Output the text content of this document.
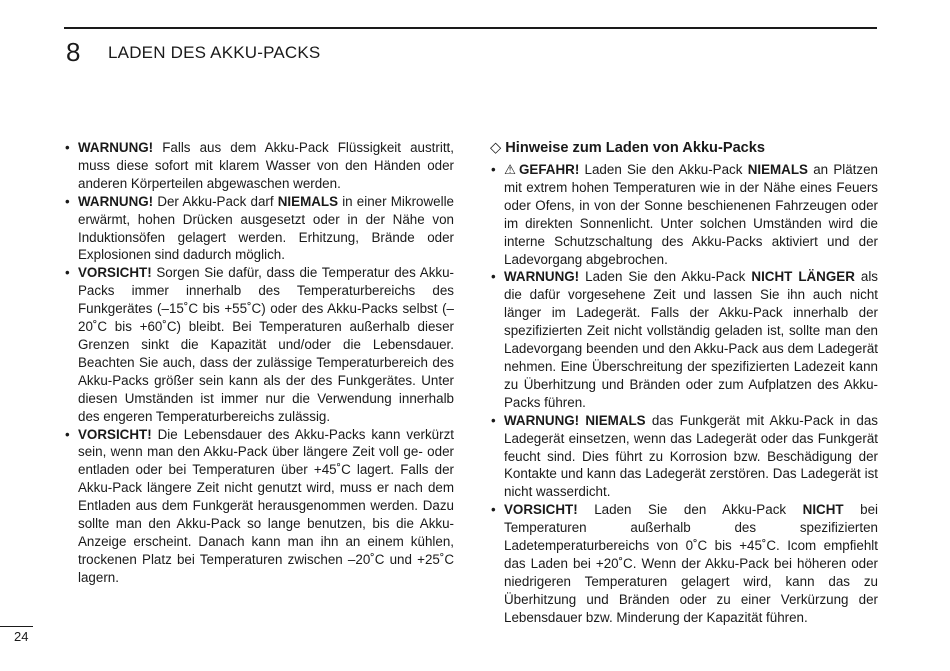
8 LADEN DES AKKU-PACKS
• WARNUNG! Falls aus dem Akku-Pack Flüssigkeit austritt, muss diese sofort mit klarem Wasser von den Händen oder anderen Körperteilen abgewaschen werden.
• WARNUNG! Der Akku-Pack darf NIEMALS in einer Mikrowelle erwärmt, hohen Drücken ausgesetzt oder in der Nähe von Induktionsöfen gelagert werden. Erhitzung, Brände oder Explosionen sind dadurch möglich.
• VORSICHT! Sorgen Sie dafür, dass die Temperatur des Akku-Packs immer innerhalb des Temperaturbereichs des Funkgerätes (–15˚C bis +55˚C) oder des Akku-Packs selbst (–20˚C bis +60˚C) bleibt. Bei Temperaturen außerhalb dieser Grenzen sinkt die Kapazität und/oder die Lebensdauer. Beachten Sie auch, dass der zulässige Temperaturbereich des Akku-Packs größer sein kann als der des Funkgerätes. Unter diesen Umständen ist immer nur die Verwendung innerhalb des engeren Temperaturbereichs zulässig.
• VORSICHT! Die Lebensdauer des Akku-Packs kann verkürzt sein, wenn man den Akku-Pack über längere Zeit voll ge- oder entladen oder bei Temperaturen über +45˚C lagert. Falls der Akku-Pack längere Zeit nicht genutzt wird, muss er nach dem Entladen aus dem Funkgerät herausgenommen werden. Dazu sollte man den Akku-Pack so lange benutzen, bis die Akku-Anzeige erscheint. Danach kann man ihn an einem kühlen, trockenen Platz bei Temperaturen zwischen –20˚C und +25˚C lagern.
◇ Hinweise zum Laden von Akku-Packs
• ⚠ GEFAHR! Laden Sie den Akku-Pack NIEMALS an Plätzen mit extrem hohen Temperaturen wie in der Nähe eines Feuers oder Ofens, in von der Sonne beschienenen Fahrzeugen oder im direkten Sonnenlicht. Unter solchen Umständen wird die interne Schutzschaltung des Akku-Packs aktiviert und der Ladevorgang abgebrochen.
• WARNUNG! Laden Sie den Akku-Pack NICHT LÄNGER als die dafür vorgesehene Zeit und lassen Sie ihn auch nicht länger im Ladegerät. Falls der Akku-Pack innerhalb der spezifizierten Zeit nicht vollständig geladen ist, sollte man den Ladevorgang beenden und den Akku-Pack aus dem Ladegerät nehmen. Eine Überschreitung der spezifizierten Ladezeit kann zu Überhitzung und Bränden oder zum Aufplatzen des Akku-Packs führen.
• WARNUNG! NIEMALS das Funkgerät mit Akku-Pack in das Ladegerät einsetzen, wenn das Ladegerät oder das Funkgerät feucht sind. Dies führt zu Korrosion bzw. Beschädigung der Kontakte und kann das Ladegerät zerstören. Das Ladegerät ist nicht wasserdicht.
• VORSICHT! Laden Sie den Akku-Pack NICHT bei Temperaturen außerhalb des spezifizierten Ladetemperaturbereichs von 0˚C bis +45˚C. Icom empfiehlt das Laden bei +20˚C. Wenn der Akku-Pack bei höheren oder niedrigeren Temperaturen gelagert wird, kann das zu Überhitzung und Bränden oder zu einer Verkürzung der Lebensdauer bzw. Minderung der Kapazität führen.
24
